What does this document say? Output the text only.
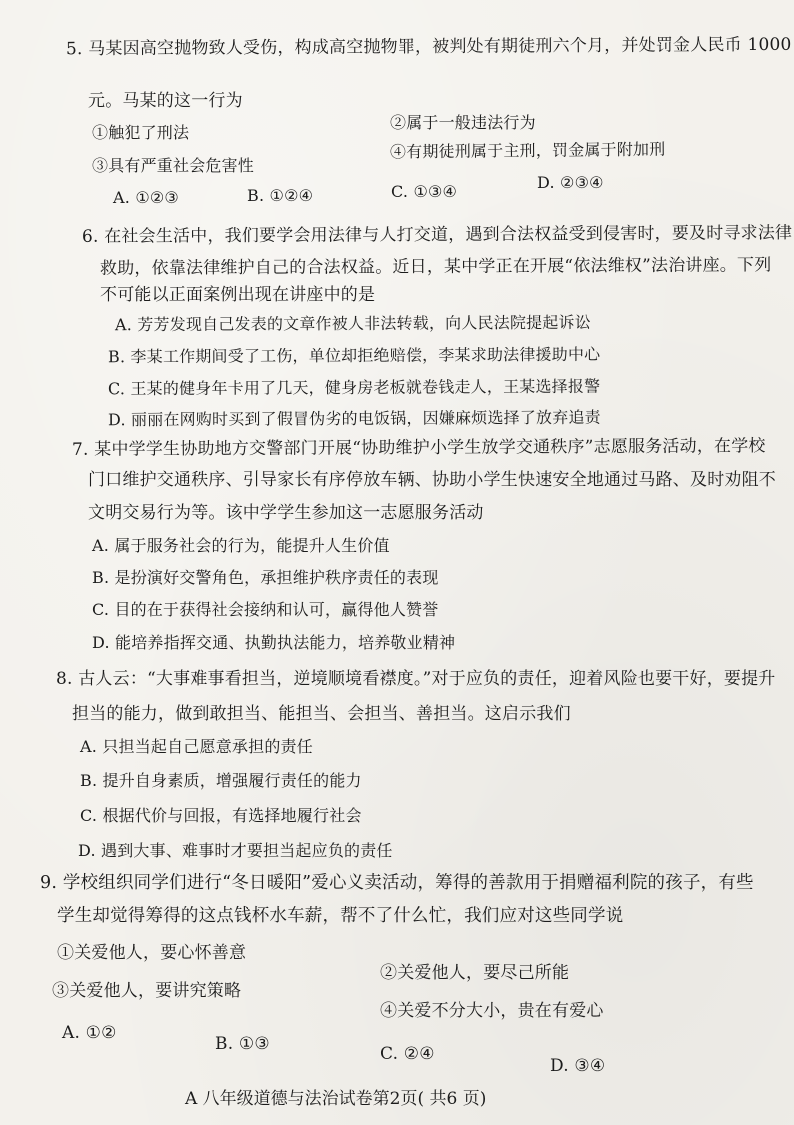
5. 马某因高空抛物致人受伤，构成高空抛物罪，被判处有期徒刑六个月，并处罚金人民币 1000
元。马某的这一行为
①触犯了刑法
②属于一般违法行为
③具有严重社会危害性
④有期徒刑属于主刑，罚金属于附加刑
A. ①②③	B. ①②④	C. ①③④	D. ②③④
6. 在社会生活中，我们要学会用法律与人打交道，遇到合法权益受到侵害时，要及时寻求法律
救助，依靠法律维护自己的合法权益。近日，某中学正在开展“依法维权”法治讲座。下列
不可能以正面案例出现在讲座中的是
A. 芳芳发现自己发表的文章作被人非法转载，向人民法院提起诉讼
B. 李某工作期间受了工伤，单位却拒绝赔偿，李某求助法律援助中心
C. 王某的健身年卡用了几天，健身房老板就卷钱走人，王某选择报警
D. 丽丽在网购时买到了假冒伪劣的电饭锅，因嫌麻烦选择了放弃追责
7. 某中学学生协助地方交警部门开展“协助维护小学生放学交通秩序”志愿服务活动，在学校
门口维护交通秩序、引导家长有序停放车辆、协助小学生快速安全地通过马路、及时劝阻不
文明交易行为等。该中学学生参加这一志愿服务活动
A. 属于服务社会的行为，能提升人生价值
B. 是扮演好交警角色，承担维护秩序责任的表现
C. 目的在于获得社会接纳和认可，赢得他人赞誉
D. 能培养指挥交通、执勤执法能力，培养敬业精神
8. 古人云：“大事难事看担当，逆境顺境看襟度。”对于应负的责任，迎着风险也要干好，要提升
担当的能力，做到敢担当、能担当、会担当、善担当。这启示我们
A. 只担当起自己愿意承担的责任
B. 提升自身素质，增强履行责任的能力
C. 根据代价与回报，有选择地履行社会
D. 遇到大事、难事时才要担当起应负的责任
9. 学校组织同学们进行“冬日暖阳”爱心义卖活动，筹得的善款用于捐赠福利院的孩子，有些
学生却觉得筹得的这点钱杯水车薪，帮不了什么忙，我们应对这些同学说
①关爱他人，要心怀善意
②关爱他人，要尽己所能
③关爱他人，要讲究策略
④关爱不分大小，贵在有爱心
A. ①②
B. ①③	C. ②④
D. ③④
A 八年级道德与法治试卷第2页( 共6 页)
